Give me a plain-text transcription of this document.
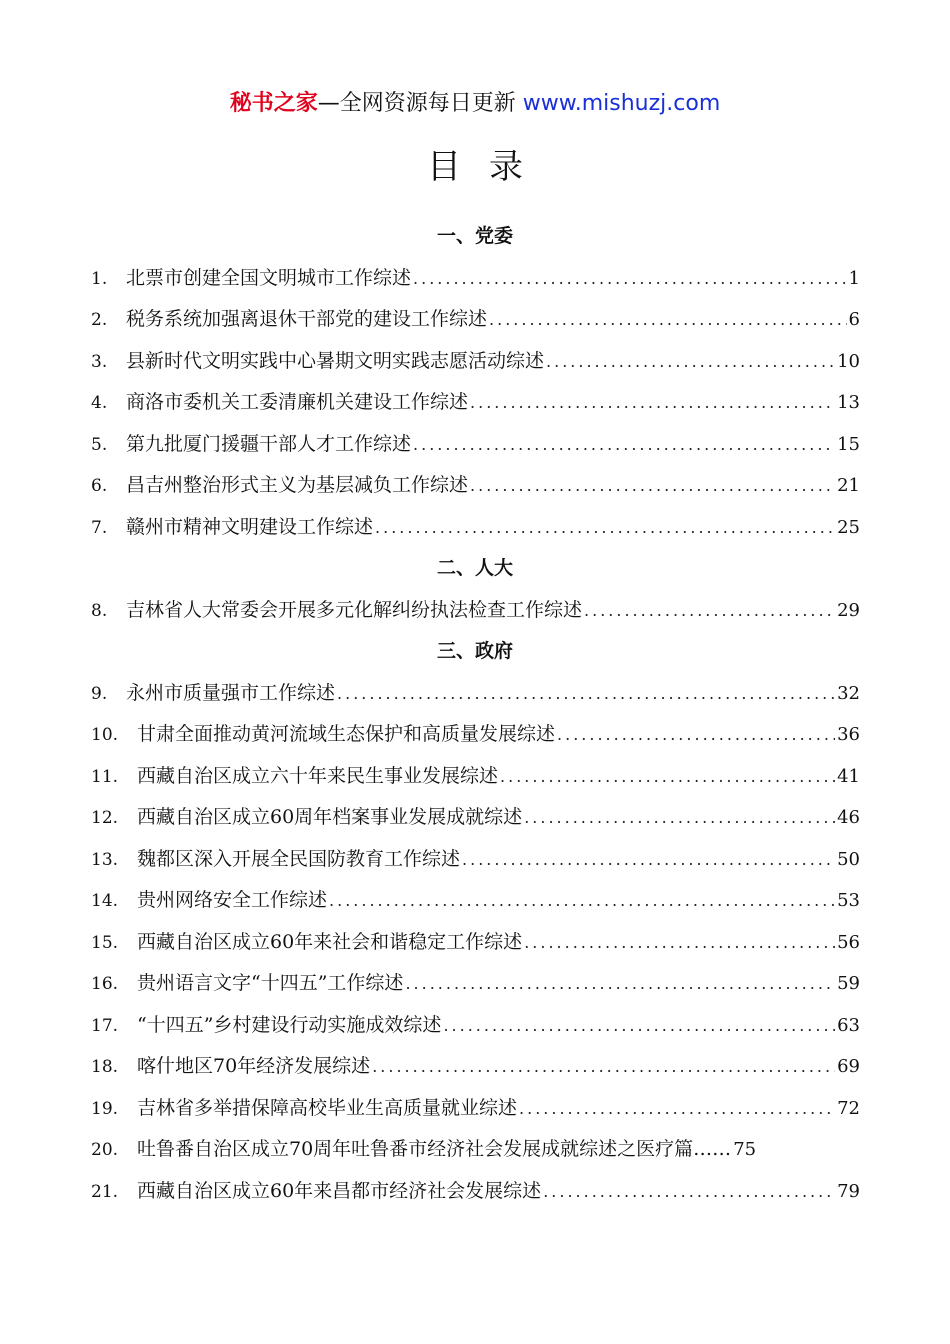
秘书之家—全网资源每日更新 www.mishuzj.com
目录
一、党委
1. 北票市创建全国文明城市工作综述 .....	1
2. 税务系统加强离退休干部党的建设工作综述 .....	6
3. 县新时代文明实践中心暑期文明实践志愿活动综述 .....	10
4. 商洛市委机关工委清廉机关建设工作综述 .....	13
5. 第九批厦门援疆干部人才工作综述 .....	15
6. 昌吉州整治形式主义为基层减负工作综述 .....	21
7. 赣州市精神文明建设工作综述 .....	25
二、人大
8. 吉林省人大常委会开展多元化解纠纷执法检查工作综述 .....	29
三、政府
9. 永州市质量强市工作综述 .....	32
10. 甘肃全面推动黄河流域生态保护和高质量发展综述 .....	36
11. 西藏自治区成立六十年来民生事业发展综述 .....	41
12. 西藏自治区成立60周年档案事业发展成就综述 .....	46
13. 魏都区深入开展全民国防教育工作综述 .....	50
14. 贵州网络安全工作综述 .....	53
15. 西藏自治区成立60年来社会和谐稳定工作综述 .....	56
16. 贵州语言文字“十四五”工作综述 .....	59
17. “十四五”乡村建设行动实施成效综述 .....	63
18. 喀什地区70年经济发展综述 .....	69
19. 吉林省多举措保障高校毕业生高质量就业综述 .....	72
20. 吐鲁番自治区成立70周年吐鲁番市经济社会发展成就综述之医疗篇…… 75
21. 西藏自治区成立60年来昌都市经济社会发展综述 .....	79
